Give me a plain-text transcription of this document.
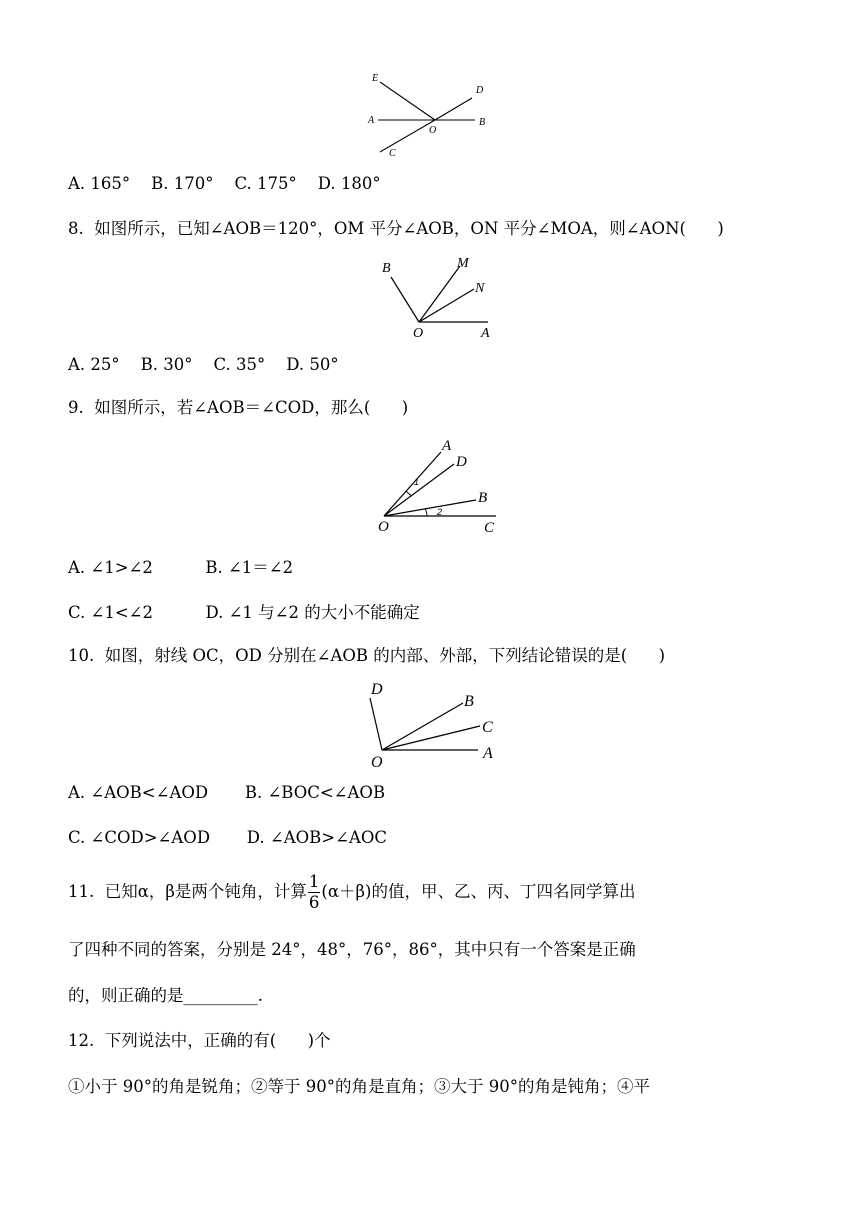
E
D
A
O
B
C
A. 165°    B. 170°    C. 175°    D. 180°
8.  如图所示，已知∠AOB＝120°，OM 平分∠AOB，ON 平分∠MOA，则∠AON(      )
B	M
N
O	A
A. 25°    B. 30°    C. 35°    D. 50°
9.  如图所示，若∠AOB＝∠COD，那么(      )
A
D
B
O	C
1
2
A. ∠1>∠2          B. ∠1＝∠2
C. ∠1<∠2          D. ∠1 与∠2 的大小不能确定
10.  如图，射线 OC，OD 分别在∠AOB 的内部、外部，下列结论错误的是(      )
D
B
C
O
A
A. ∠AOB<∠AOD       B. ∠BOC<∠AOB
C. ∠COD>∠AOD       D. ∠AOB>∠AOC
11.  已知α，β是两个钝角，计算 $\frac{1}{6} (\alpha+\beta)$的值，甲、乙、丙、丁四名同学算出
了四种不同的答案，分别是 24°，48°，76°，86°，其中只有一个答案是正确
的，则正确的是_________.
12.  下列说法中，正确的有(      )个
①小于 90°的角是锐角；②等于 90°的角是直角；③大于 90°的角是钝角；④平
